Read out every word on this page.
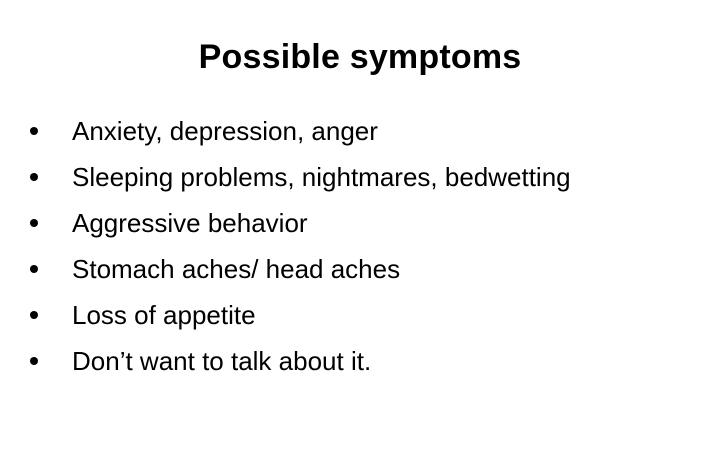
Possible symptoms
Anxiety, depression, anger
Sleeping problems, nightmares, bedwetting
Aggressive behavior
Stomach aches/ head aches
Loss of appetite
Don’t want to talk about it.
